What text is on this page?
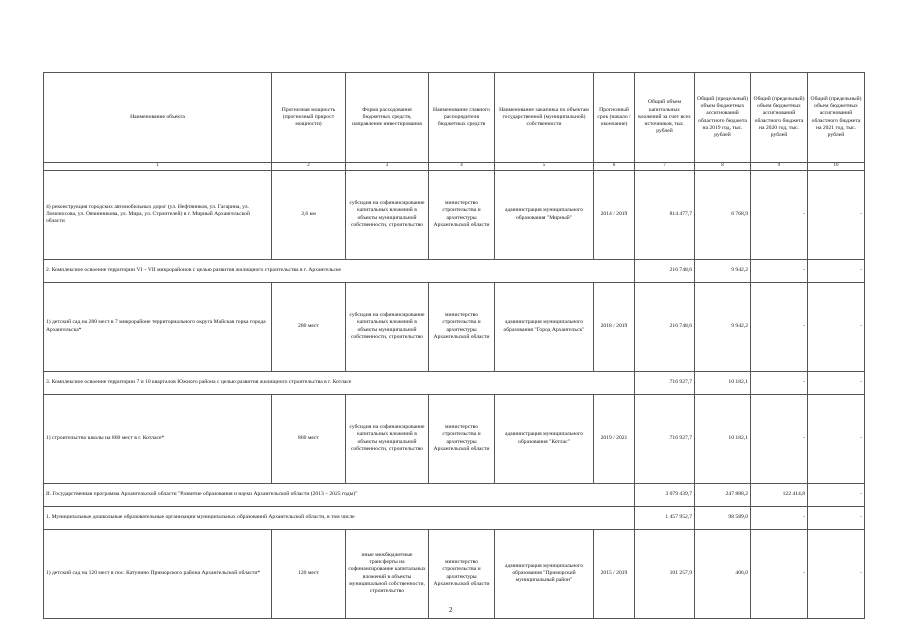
Наименование объекта	Прогнозная мощность (прогнозный прирост мощности)	Форма расходования бюджетных средств, направление инвестирования	Наименование главного распорядителя бюджетных средств	Наименование заказчика по объектам государственной (муниципальной) собственности	Прогнозный срок (начало / окончание)	Общий объем капитальных вложений за счет всех источников, тыс. рублей	Общий (предельный) объем бюджетных ассигнований областного бюджета на 2019 год, тыс. рублей	Общий (предельный) объем бюджетных ассигнований областного бюджета на 2020 год, тыс. рублей	Общий (предельный) объем бюджетных ассигнований областного бюджета на 2021 год, тыс. рублей
1	2	3	4	5	6	7	8	9	10
4) реконструкция городских автомобильных дорог (ул. Нефтяников, ул. Гагарина, ул. Ломоносова, ул. Овчинникова, ул. Мира, ул. Строителей) в г. Мирный Архангельской области	3,6 км	субсидия на софинансирование капитальных вложений в объекты муниципальной собственности, строительство	министерство строительства и архитектуры Архангельской области	администрация муниципального образования "Мирный"	2014 / 2019	814 477,7	6 768,9	-	-
2. Комплексное освоение территории VI – VII микрорайонов с целью развития жилищного строительства в г. Архангельске						216 748,6	9 942,2	-	-
1) детский сад на 280 мест в 7 микрорайоне территориального округа Майская горка города Архангельска*	280 мест	субсидия на софинансирование капитальных вложений в объекты муниципальной собственности, строительство	министерство строительства и архитектуры Архангельской области	администрация муниципального образования "Город Архангельск"	2018 / 2019	216 748,6	9 942,2	-	-
3. Комплексное освоение территории 7 и 10 кварталов Южного района с целью развития жилищного строительства в г. Котласе						716 927,7	10 182,1	-	-
1) строительство школы на 860 мест в г. Котласе*	860 мест	субсидия на софинансирование капитальных вложений в объекты муниципальной собственности, строительство	министерство строительства и архитектуры Архангельской области	администрация муниципального образования "Котлас"	2019 / 2021	716 927,7	10 182,1	-	-
II. Государственная программа Архангельской области "Развитие образования и науки Архангельской области (2013 – 2025 годы)"						3 079 439,7	247 888,2	122 414,8	-
1. Муниципальные дошкольные образовательные организации муниципальных образований Архангельской области, в том числе						1 457 952,7	98 589,0	-	-
1) детский сад на 120 мест в пос. Катунино Приморского района Архангельской области*	120 мест	иные межбюджетные трансферты на софинансирование капитальных вложений в объекты муниципальной собственности, строительство	министерство строительства и архитектуры Архангельской области	администрация муниципального образования "Приморский муниципальный район"	2015 / 2019	101 257,9	406,0	-	-
2
